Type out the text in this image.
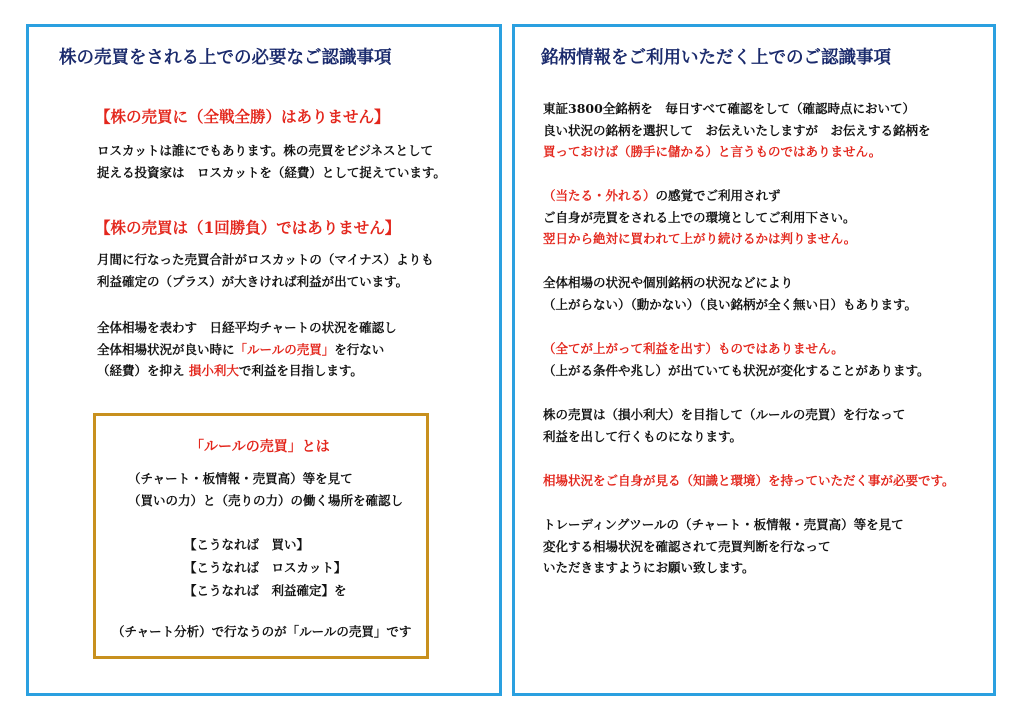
株の売買をされる上での必要なご認識事項
【株の売買に（全戦全勝）はありません】

ロスカットは誰にでもあります。株の売買をビジネスとして

捉える投資家は　ロスカットを（経費）として捉えています。

【株の売買は（1回勝負）ではありません】

月間に行なった売買合計がロスカットの（マイナス）よりも

利益確定の（プラス）が大きければ利益が出ています。

全体相場を表わす　日経平均チャートの状況を確認し

全体相場状況が良い時に「ルールの売買」を行ない

（経費）を抑え 損小利大で利益を目指します。

「ルールの売買」とは

（チャート・板情報・売買高）等を見て

（買いの力）と（売りの力）の働く場所を確認し

【こうなれば　買い】

【こうなれば　ロスカット】

【こうなれば　利益確定】を

（チャート分析）で行なうのが「ルールの売買」です
銘柄情報をご利用いただく上でのご認識事項

東証3800全銘柄を　毎日すべて確認をして（確認時点において）

良い状況の銘柄を選択して　お伝えいたしますが　お伝えする銘柄を

買っておけば（勝手に儲かる）と言うものではありません。

（当たる・外れる）の感覚でご利用されず

ご自身が売買をされる上での環境としてご利用下さい。

翌日から絶対に買われて上がり続けるかは判りません。

全体相場の状況や個別銘柄の状況などにより

（上がらない）（動かない）（良い銘柄が全く無い日）もあります。

（全てが上がって利益を出す）ものではありません。

（上がる条件や兆し）が出ていても状況が変化することがあります。

株の売買は（損小利大）を目指して（ルールの売買）を行なって

利益を出して行くものになります。

相場状況をご自身が見る（知識と環境）を持っていただく事が必要です。

トレーディングツールの（チャート・板情報・売買高）等を見て

変化する相場状況を確認されて売買判断を行なって

いただきますようにお願い致します。
